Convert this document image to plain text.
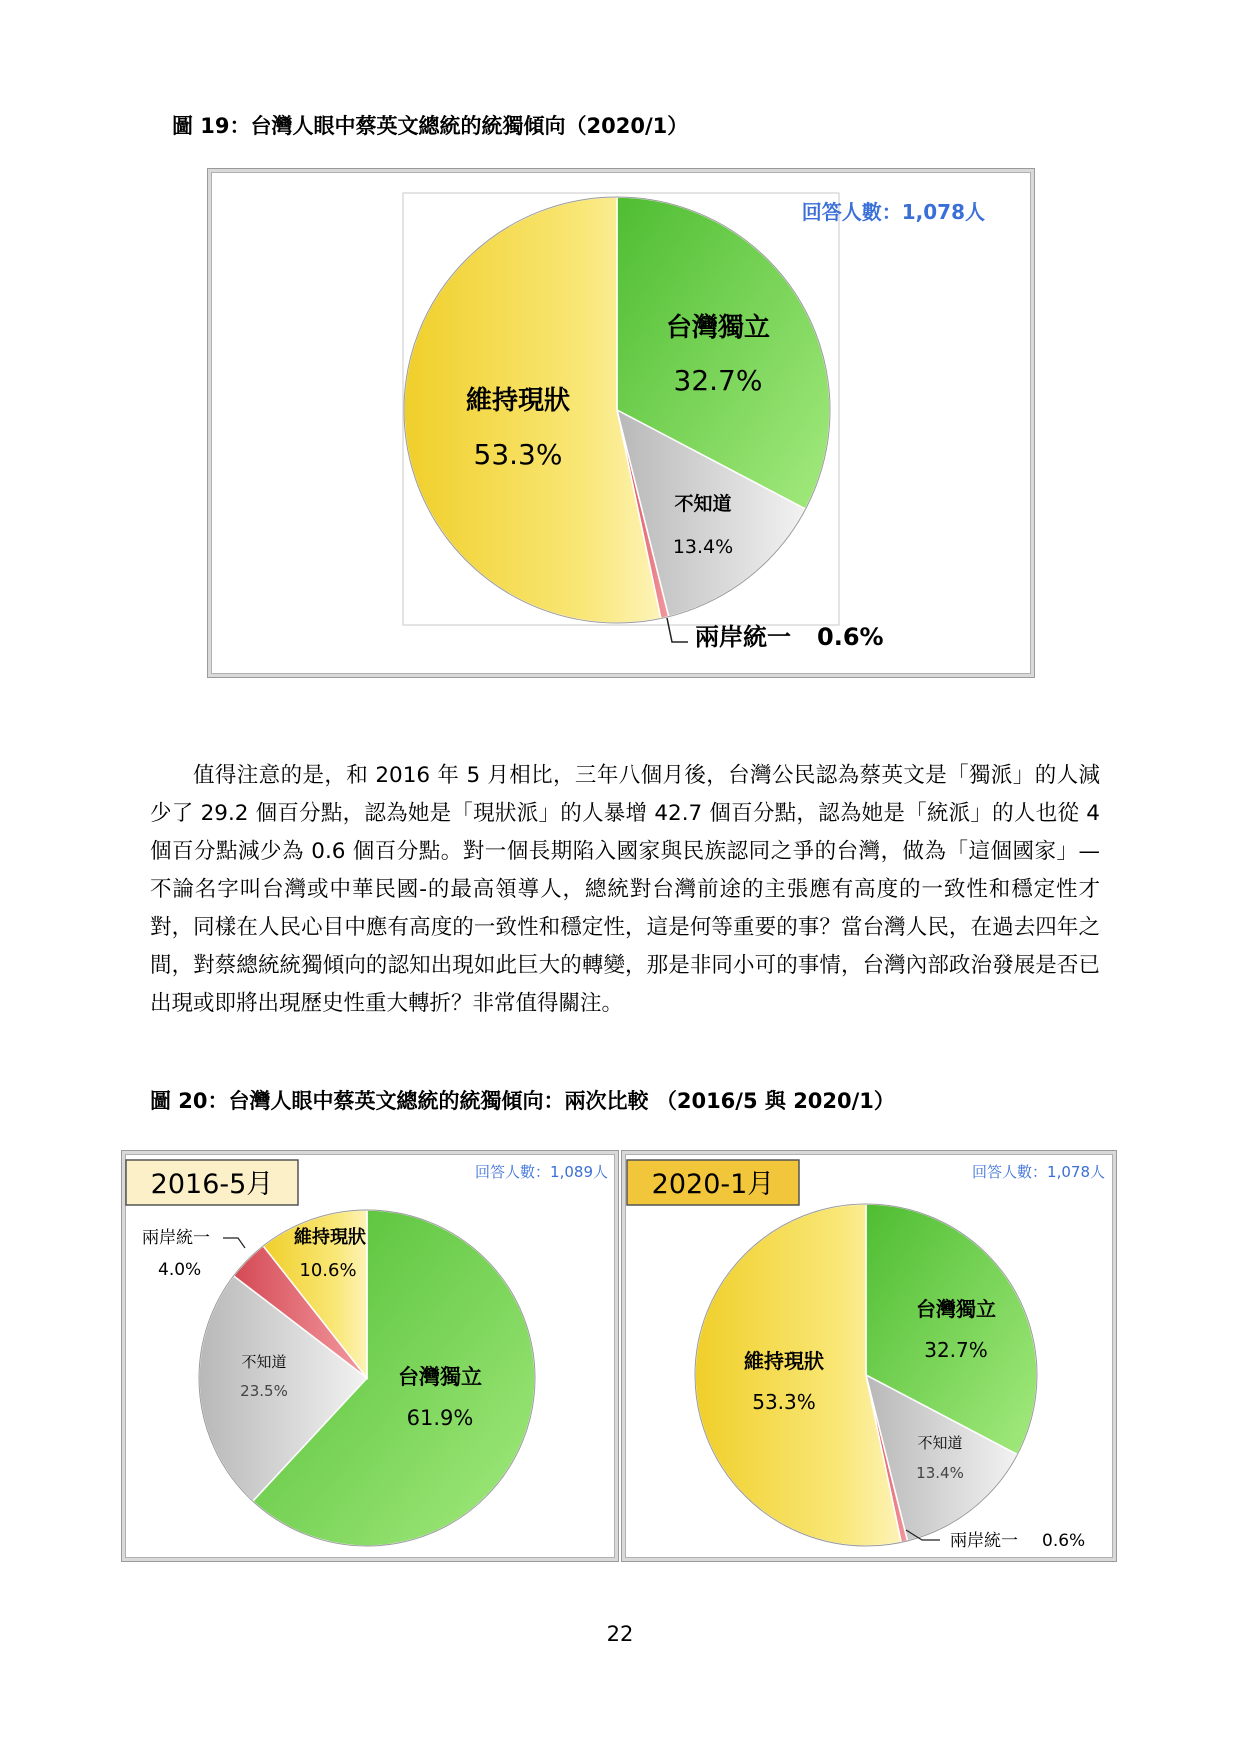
圖 19：台灣人眼中蔡英文總統的統獨傾向（2020/1）
值得注意的是，和 2016 年 5 月相比，三年八個月後，台灣公民認為蔡英文是「獨派」的人減少了 29.2 個百分點，認為她是「現狀派」的人暴增 42.7 個百分點，認為她是「統派」的人也從 4 個百分點減少為 0.6 個百分點。對一個長期陷入國家與民族認同之爭的台灣，做為「這個國家」—不論名字叫台灣或中華民國-的最高領導人，總統對台灣前途的主張應有高度的一致性和穩定性才對，同樣在人民心目中應有高度的一致性和穩定性，這是何等重要的事？當台灣人民，在過去四年之間，對蔡總統統獨傾向的認知出現如此巨大的轉變，那是非同小可的事情，台灣內部政治發展是否已出現或即將出現歷史性重大轉折？非常值得關注。
圖 20：台灣人眼中蔡英文總統的統獨傾向：兩次比較 （2016/5 與 2020/1）
回答人數：1,078人
台灣獨立
32.7%
維持現狀
53.3%
不知道
13.4%
兩岸統一 0.6%
2016-5月	回答人數：1,089人
兩岸統一
4.0%
維持現狀
10.6%
不知道
23.5%
台灣獨立
61.9%
2020-1月	回答人數：1,078人
台灣獨立
32.7%
維持現狀
53.3%
不知道
13.4%
兩岸統一 0.6%
22
